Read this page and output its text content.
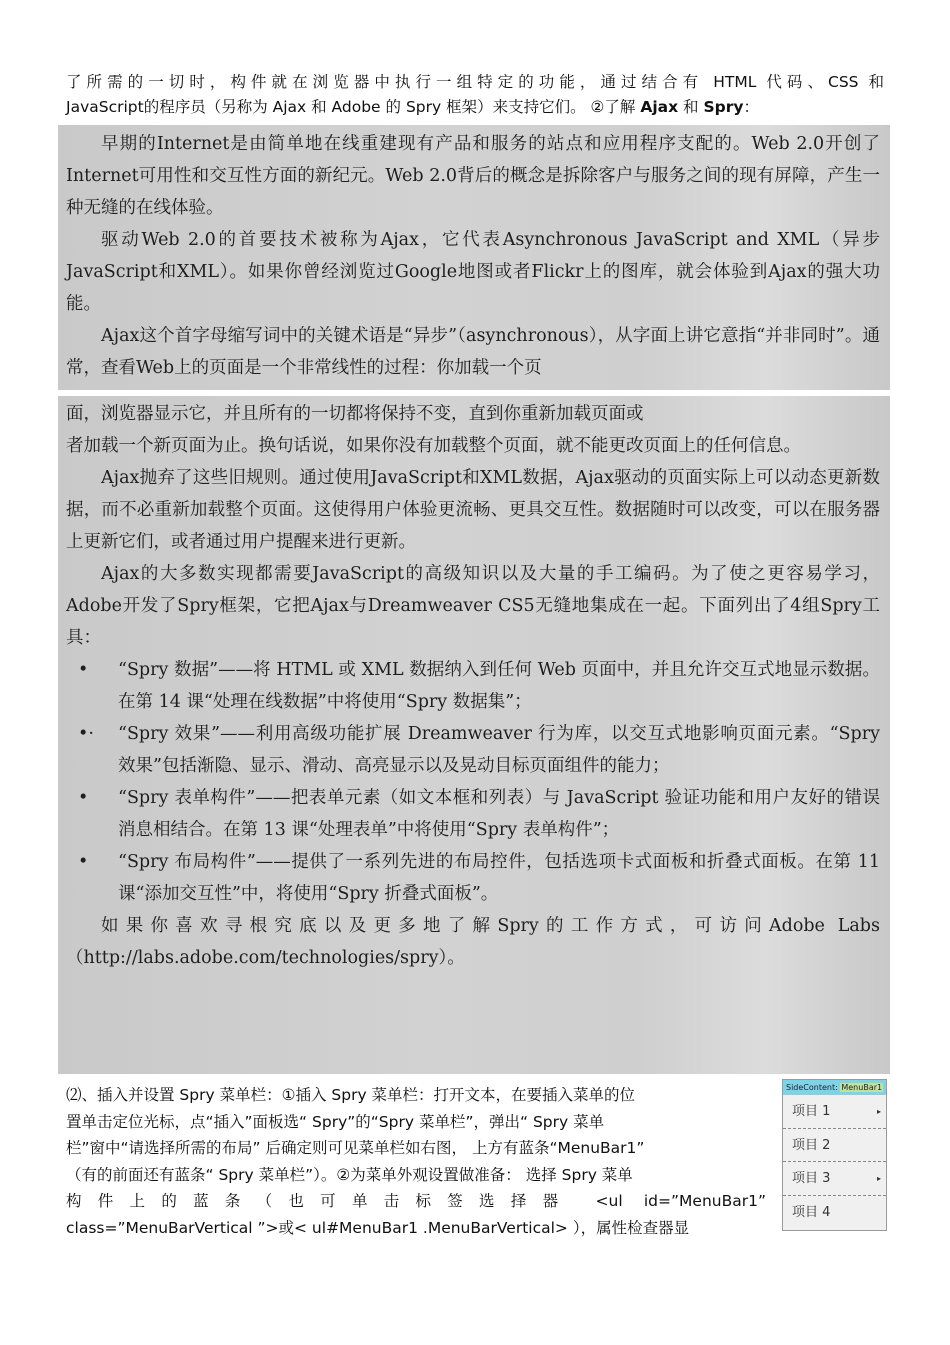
了所需的一切时，构件就在浏览器中执行一组特定的功能，通过结合有 HTML 代码、CSS 和
JavaScript的程序员（另称为 Ajax 和 Adobe 的 Spry 框架）来支持它们。 ②了解 Ajax 和 Spry：

早期的Internet是由简单地在线重建现有产品和服务的站点和应用程序支配的。Web 2.0开创了Internet可用性和交互性方面的新纪元。Web 2.0背后的概念是拆除客户与服务之间的现有屏障，产生一种无缝的在线体验。

驱动Web 2.0的首要技术被称为Ajax，它代表Asynchronous JavaScript and XML（异步JavaScript和XML）。如果你曾经浏览过Google地图或者Flickr上的图库，就会体验到Ajax的强大功能。

Ajax这个首字母缩写词中的关键术语是“异步”（asynchronous），从字面上讲它意指“并非同时”。通常，查看Web上的页面是一个非常线性的过程：你加载一个页

面，浏览器显示它，并且所有的一切都将保持不变，直到你重新加载页面或

者加载一个新页面为止。换句话说，如果你没有加载整个页面，就不能更改页面上的任何信息。

Ajax抛弃了这些旧规则。通过使用JavaScript和XML数据，Ajax驱动的页面实际上可以动态更新数据，而不必重新加载整个页面。这使得用户体验更流畅、更具交互性。数据随时可以改变，可以在服务器上更新它们，或者通过用户提醒来进行更新。

Ajax的大多数实现都需要JavaScript的高级知识以及大量的手工编码。为了使之更容易学习，Adobe开发了Spry框架，它把Ajax与Dreamweaver CS5无缝地集成在一起。下面列出了4组Spry工具：

• “Spry 数据”——将 HTML 或 XML 数据纳入到任何 Web 页面中，并且允许交互式地显示数据。在第 14 课“处理在线数据”中将使用“Spry 数据集”；
•· “Spry 效果”——利用高级功能扩展 Dreamweaver 行为库，以交互式地影响页面元素。“Spry 效果”包括渐隐、显示、滑动、高亮显示以及晃动目标页面组件的能力；
• “Spry 表单构件”——把表单元素（如文本框和列表）与 JavaScript 验证功能和用户友好的错误消息相结合。在第 13 课“处理表单”中将使用“Spry 表单构件”；
• “Spry 布局构件”——提供了一系列先进的布局控件，包括选项卡式面板和折叠式面板。在第 11 课“添加交互性”中，将使用“Spry 折叠式面板”。

如果你喜欢寻根究底以及更多地了解Spry的工作方式，可访问Adobe Labs（http://labs.adobe.com/technologies/spry）。

⑵、插入并设置 Spry 菜单栏：①插入 Spry 菜单栏：打开文本，在要插入菜单的位
置单击定位光标，点“插入”面板选“ Spry”的“Spry 菜单栏”，弹出“ Spry 菜单
栏”窗中“请选择所需的布局” 后确定则可见菜单栏如右图， 上方有蓝条“MenuBar1”
（有的前面还有蓝条“ Spry 菜单栏”）。②为菜单外观设置做准备： 选择 Spry 菜单
构件上的蓝条（也可单击标签选择器 <ul id=”MenuBar1”
class=”MenuBarVertical ”>或< ul#MenuBar1 .MenuBarVertical> ），属性检查器显
SideContent: MenuBar1
项目 1	▸
项目 2
项目 3	▸
项目 4
